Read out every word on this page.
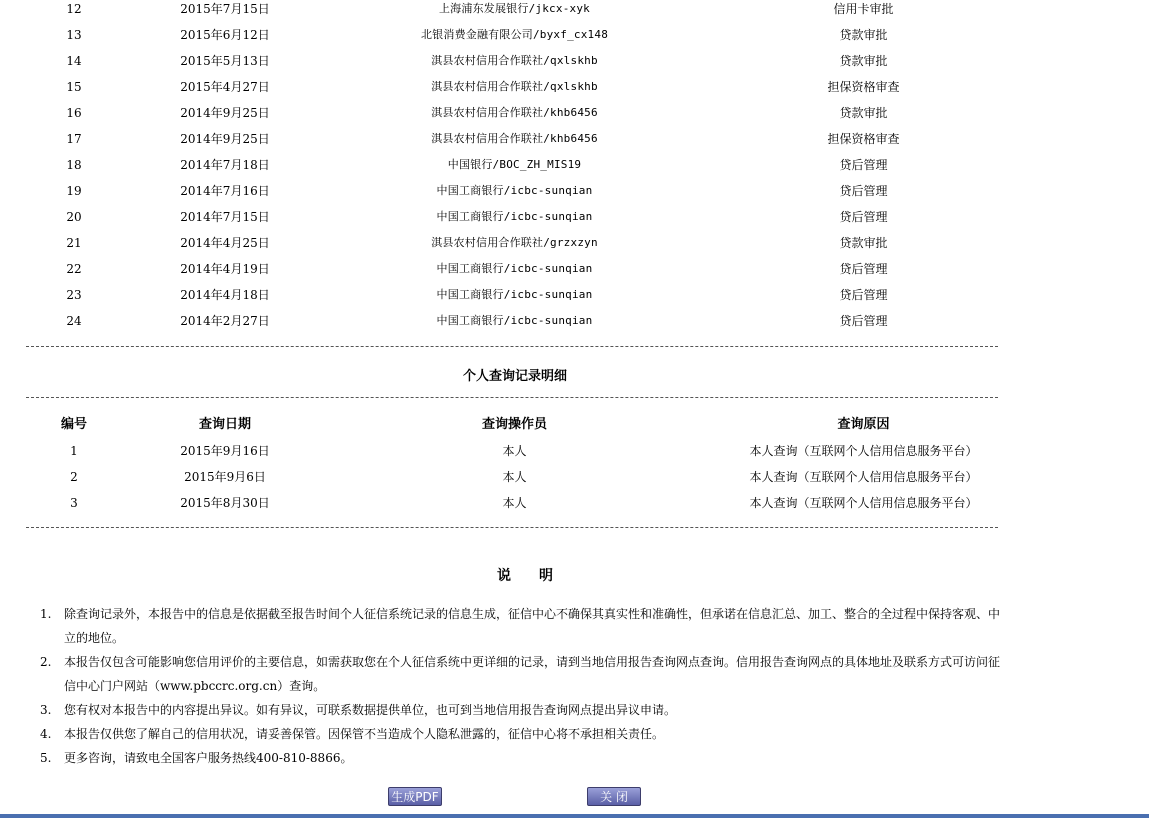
12	2015年7月15日	上海浦东发展银行/jkcx-xyk	信用卡审批
13	2015年6月12日	北银消费金融有限公司/byxf_cx148	贷款审批
14	2015年5月13日	淇县农村信用合作联社/qxlskhb	贷款审批
15	2015年4月27日	淇县农村信用合作联社/qxlskhb	担保资格审查
16	2014年9月25日	淇县农村信用合作联社/khb6456	贷款审批
17	2014年9月25日	淇县农村信用合作联社/khb6456	担保资格审查
18	2014年7月18日	中国银行/BOC_ZH_MIS19	贷后管理
19	2014年7月16日	中国工商银行/icbc-sunqian	贷后管理
20	2014年7月15日	中国工商银行/icbc-sunqian	贷后管理
21	2014年4月25日	淇县农村信用合作联社/grzxzyn	贷款审批
22	2014年4月19日	中国工商银行/icbc-sunqian	贷后管理
23	2014年4月18日	中国工商银行/icbc-sunqian	贷后管理
24	2014年2月27日	中国工商银行/icbc-sunqian	贷后管理
个人查询记录明细
编号	查询日期	查询操作员	查询原因
1	2015年9月16日	本人	本人查询（互联网个人信用信息服务平台）
2	2015年9月6日	本人	本人查询（互联网个人信用信息服务平台）
3	2015年8月30日	本人	本人查询（互联网个人信用信息服务平台）
说　　明
1. 除查询记录外，本报告中的信息是依据截至报告时间个人征信系统记录的信息生成，征信中心不确保其真实性和准确性，但承诺在信息汇总、加工、整合的全过程中保持客观、中立的地位。
2. 本报告仅包含可能影响您信用评价的主要信息，如需获取您在个人征信系统中更详细的记录，请到当地信用报告查询网点查询。信用报告查询网点的具体地址及联系方式可访问征信中心门户网站（www.pbccrc.org.cn）查询。
3. 您有权对本报告中的内容提出异议。如有异议，可联系数据提供单位，也可到当地信用报告查询网点提出异议申请。
4. 本报告仅供您了解自己的信用状况，请妥善保管。因保管不当造成个人隐私泄露的，征信中心将不承担相关责任。
5. 更多咨询，请致电全国客户服务热线400-810-8866。
生成PDF	关 闭
